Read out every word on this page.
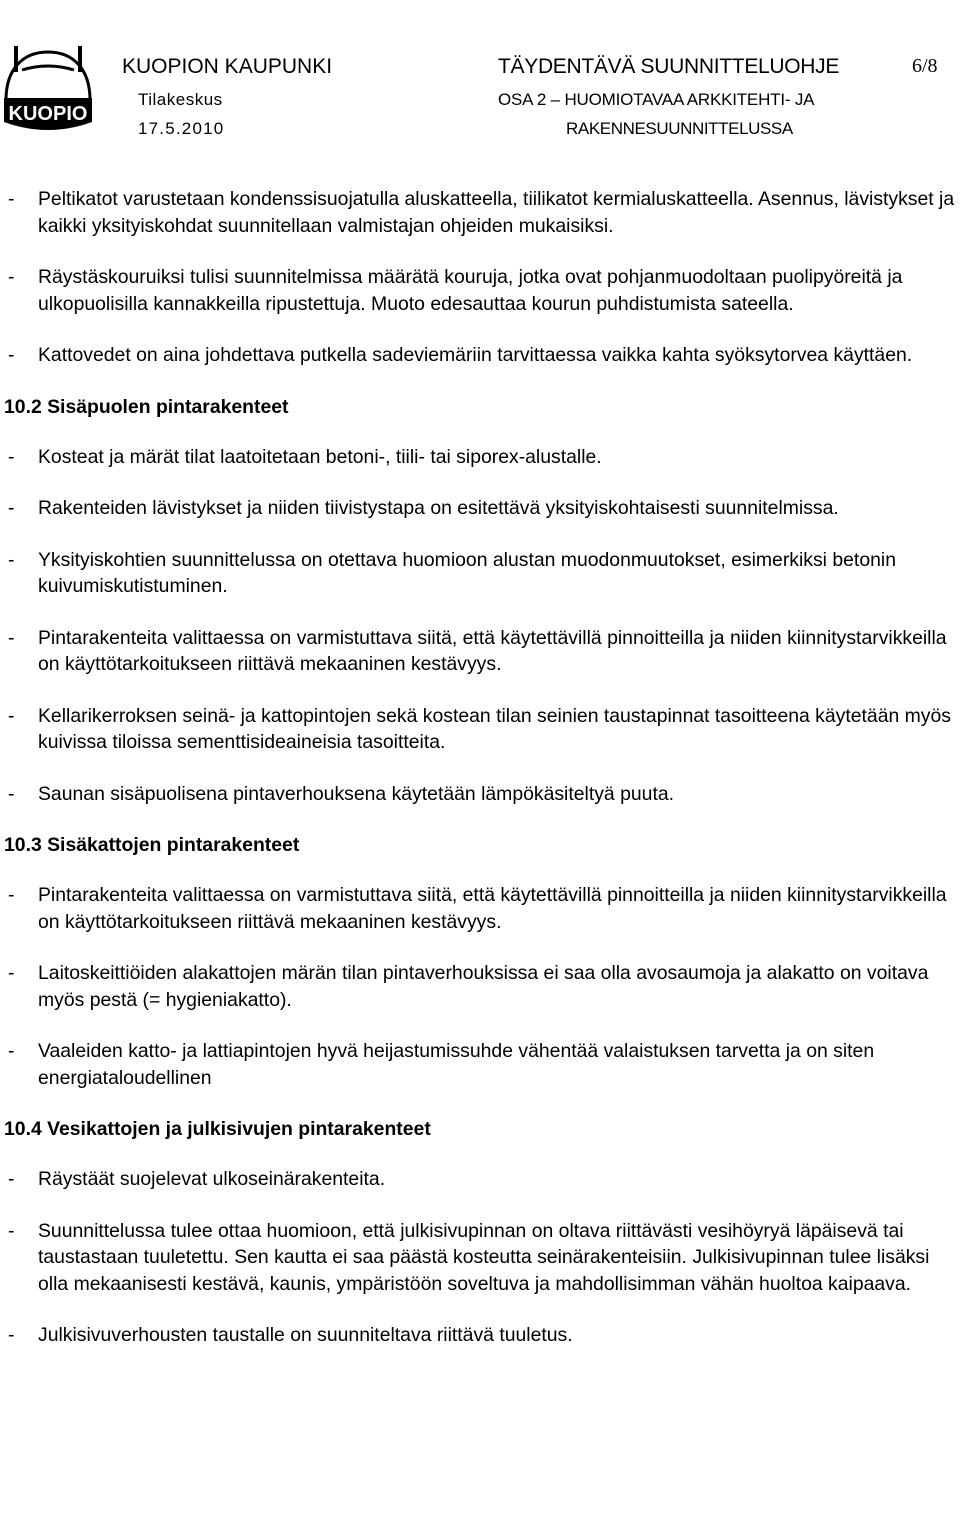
KUOPIO
KUOPION KAUPUNKI	TÄYDENTÄVÄ SUUNNITTELUOHJE	6/8
Tilakeskus	OSA 2 – HUOMIOTAVAA ARKKITEHTI- JA
17.5.2010	RAKENNESUUNNITTELUSSA
- Peltikatot varustetaan kondenssisuojatulla aluskatteella, tiilikatot kermialuskatteella. Asennus, lävistykset ja kaikki yksityiskohdat suunnitellaan valmistajan ohjeiden mukaisiksi.
- Räystäskouruiksi tulisi suunnitelmissa määrätä kouruja, jotka ovat pohjanmuodoltaan puolipyöreitä ja ulkopuolisilla kannakkeilla ripustettuja. Muoto edesauttaa kourun puhdistumista sateella.
- Kattovedet on aina johdettava putkella sadeviemäriin tarvittaessa vaikka kahta syöksytorvea käyttäen.
10.2 Sisäpuolen pintarakenteet
- Kosteat ja märät tilat laatoitetaan betoni-, tiili- tai siporex-alustalle.
- Rakenteiden lävistykset ja niiden tiivistystapa on esitettävä yksityiskohtaisesti suunnitelmissa.
- Yksityiskohtien suunnittelussa on otettava huomioon alustan muodonmuutokset, esimerkiksi betonin kuivumiskutistuminen.
- Pintarakenteita valittaessa on varmistuttava siitä, että käytettävillä pinnoitteilla ja niiden kiinnitystarvikkeilla on käyttötarkoitukseen riittävä mekaaninen kestävyys.
- Kellarikerroksen seinä- ja kattopintojen sekä kostean tilan seinien taustapinnat tasoitteena käytetään myös kuivissa tiloissa sementtisideaineisia tasoitteita.
- Saunan sisäpuolisena pintaverhouksena käytetään lämpökäsiteltyä puuta.
10.3 Sisäkattojen pintarakenteet
- Pintarakenteita valittaessa on varmistuttava siitä, että käytettävillä pinnoitteilla ja niiden kiinnitystarvikkeilla on käyttötarkoitukseen riittävä mekaaninen kestävyys.
- Laitoskeittiöiden alakattojen märän tilan pintaverhouksissa ei saa olla avosaumoja ja alakatto on voitava myös pestä (= hygieniakatto).
- Vaaleiden katto- ja lattiapintojen hyvä heijastumissuhde vähentää valaistuksen tarvetta ja on siten energiataloudellinen
10.4 Vesikattojen ja julkisivujen pintarakenteet
- Räystäät suojelevat ulkoseinärakenteita.
- Suunnittelussa tulee ottaa huomioon, että julkisivupinnan on oltava riittävästi vesihöyryä läpäisevä tai taustastaan tuuletettu. Sen kautta ei saa päästä kosteutta seinärakenteisiin. Julkisivupinnan tulee lisäksi olla mekaanisesti kestävä, kaunis, ympäristöön soveltuva ja mahdollisimman vähän huoltoa kaipaava.
- Julkisivuverhousten taustalle on suunniteltava riittävä tuuletus.
